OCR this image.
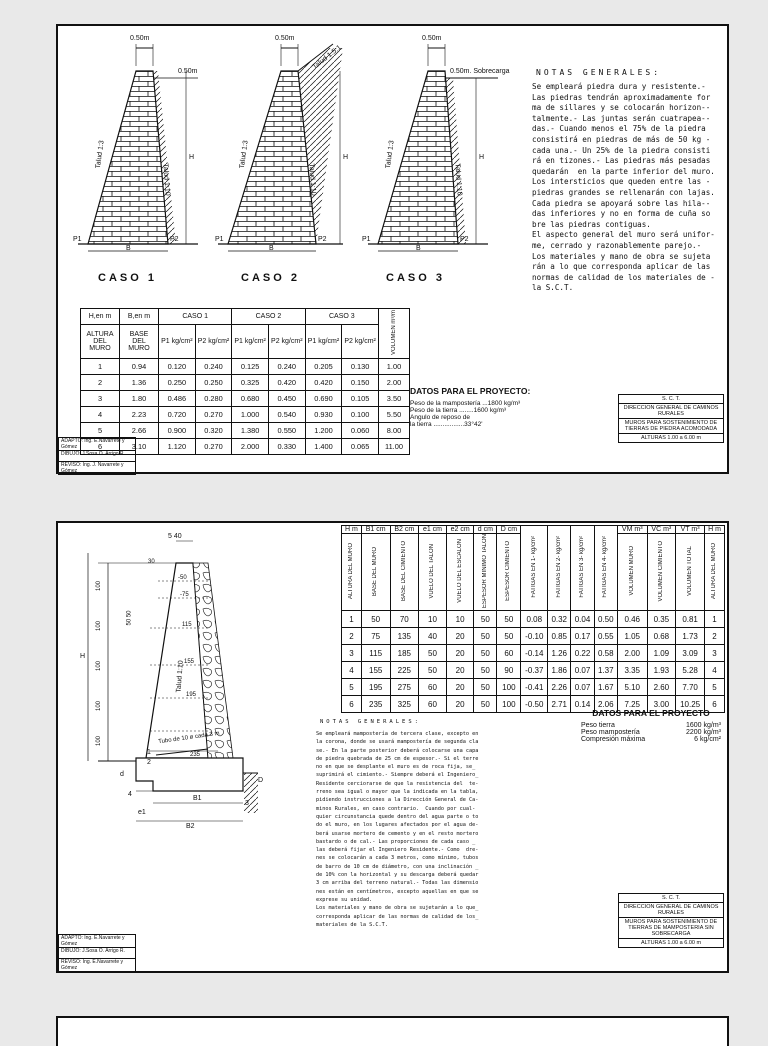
0.50m
0.50m
0.50m
Talud 1.5:1
0.50m
0.50m. Sobrecarga
Talud 1:3
Talud 1:10
Talud 1:3
Talud 1:10
Talud 1:3
Talud 1:10
H	H	H
P1	P2
B
P1	P2
B
P1	P2
B
CASO 1	CASO 2	CASO 3
NOTAS GENERALES:
Se empleará piedra dura y resistente.-
Las piedras tendrán aproximadamente for
ma de sillares y se colocarán horizon--
talmente.- Las juntas serán cuatrapea--
das.- Cuando menos el 75% de la piedra
consistirá en piedras de más de 50 kg -
cada una.- Un 25% de la piedra consisti
rá en tizones.- Las piedras más pesadas
quedarán  en la parte inferior del muro.
Los intersticios que queden entre las -
piedras grandes se rellenarán con lajas.
Cada piedra se apoyará sobre las hila--
das inferiores y no en forma de cuña so
bre las piedras contiguas.
El aspecto general del muro será unifor-
me, cerrado y razonablemente parejo.-
Los materiales y mano de obra se sujeta
rán a lo que corresponda aplicar de las
normas de calidad de los materiales de -
la S.C.T.
H,en m	B,en m	CASO 1		CASO 2		CASO 3		VOLUMEN m³/m
ALTURA DEL MURO	BASE DEL MURO	P1 kg/cm²	P2 kg/cm²	P1 kg/cm²	P2 kg/cm²	P1 kg/cm²	P2 kg/cm²	
1	0.94	0.120	0.240	0.125	0.240	0.205	0.130	1.00
2	1.36	0.250	0.250	0.325	0.420	0.420	0.150	2.00
3	1.80	0.486	0.280	0.680	0.450	0.690	0.105	3.50
4	2.23	0.720	0.270	1.000	0.540	0.930	0.100	5.50
5	2.66	0.900	0.320	1.380	0.550	1.200	0.060	8.00
6	3.10	1.120	0.270	2.000	0.330	1.400	0.065	11.00
DATOS PARA EL PROYECTO:
Peso de la mampostería ...1800 kg/m³
Peso de la tierra ........1600 kg/m³
Angulo de reposo de
la tierra .................33°42'
S. C. T.
DIRECCION GENERAL DE CAMINOS RURALES
MUROS PARA SOSTENIMIENTO DE TIERRAS DE PIEDRA ACOMODADA
ALTURAS 1.00 a 6.00 m
ADAPTO: Ing. E.Navarrete y Gómez
DIBUJO: J.Sosa O. Arrigo R.
REVISO: Ing. J. Navarrete y Gómez
5 40
30
100
100
100
100
100
50 50
H
Talud 1:10
Tubo de 10 ø cada 3 m
-50
-75
115
155
195
235
1
2
3
4
d
D
B1
B2
e1
H m	B1 cm	B2 cm	e1 cm	e2 cm	d cm	D cm	FATIGAS EN 1- kg/cm²	FATIGAS EN 2- kg/cm²	FATIGAS EN 3- kg/cm²	FATIGAS EN 4- kg/cm²	VM m³	VC m³	VT m³	H m
ALTURA DEL MURO	BASE DEL MURO	BASE DEL CIMIENTO	VUELO DEL TALON	VUELO DEL ESCALON	ESPESOR MINIMO TALON	ESPESOR CIMIENTO					VOLUMEN MURO	VOLUMEN CIMIENTO	VOLUMEN TOTAL	ALTURA DEL MURO
1	50	70	10	10	50	50	0.08	0.32	0.04	0.50	0.46	0.35	0.81	1
2	75	135	40	20	50	50	-0.10	0.85	0.17	0.55	1.05	0.68	1.73	2
3	115	185	50	20	50	60	-0.14	1.26	0.22	0.58	2.00	1.09	3.09	3
4	155	225	50	20	50	90	-0.37	1.86	0.07	1.37	3.35	1.93	5.28	4
5	195	275	60	20	50	100	-0.41	2.26	0.07	1.67	5.10	2.60	7.70	5
6	235	325	60	20	50	100	-0.50	2.71	0.14	2.06	7.25	3.00	10.25	6
DATOS PARA EL PROYECTO
Peso tierra	1600 kg/m³
Peso mampostería	2200 kg/m³
Compresión máxima	6 kg/cm²
NOTAS GENERALES:
Se empleará mampostería de tercera clase, excepto en
la corona, donde se usará mampostería de segunda cla
se.- En la parte posterior deberá colocarse una capa
de piedra quebrada de 25 cm de espesor.- Si el terre
no en que se desplante el muro es de roca fija, se_
suprimirá el cimiento.- Siempre deberá el Ingeniero_
Residente cerciorarse de que la resistencia del  te-
rreno sea igual o mayor que la indicada en la tabla,
pidiendo instrucciones a la Dirección General de Ca-
minos Rurales, en caso contrario.  Cuando por cual-
quier circunstancia quede dentro del agua parte o to
do el muro, en los lugares afectados por el agua de-
berá usarse mortero de cemento y en el resto mortero
bastardo o de cal.- Las proporciones de cada caso _
las deberá fijar el Ingeniero Residente.- Como  dre-
nes se colocarán a cada 3 metros, como mínimo, tubos
de barro de 10 cm de diámetro, con una inclinación _
de 10% con la horizontal y su descarga deberá quedar
3 cm arriba del terreno natural.- Todas las dimensio
nes están en centímetros, excepto aquellas en que se
exprese su unidad.
Los materiales y mano de obra se sujetarán a lo que_
corresponda aplicar de las normas de calidad de los_
materiales de la S.C.T.
S. C. T.
DIRECCION GENERAL DE CAMINOS RURALES
MUROS PARA SOSTENIMIENTO DE TIERRAS DE MAMPOSTERIA SIN SOBRECARGA
ALTURAS 1.00 a 6.00 m
ADAPTO: Ing. E.Navarrete y Gómez
DIBUJO: J.Sosa O. Arrigo R.
REVISO: Ing. E.Navarrete y Gómez
